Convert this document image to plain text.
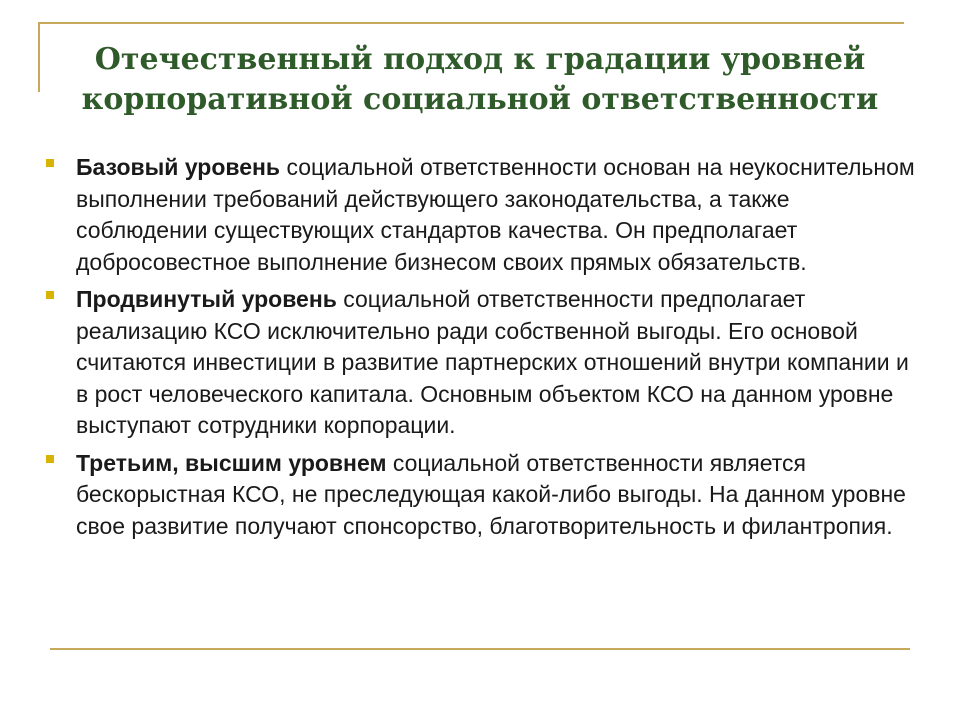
Отечественный подход к градации уровней
корпоративной социальной ответственности
Базовый уровень социальной ответственности основан на неукоснительном выполнении требований действующего законодательства, а также соблюдении существующих стандартов качества. Он предполагает добросовестное выполнение бизнесом своих прямых обязательств.
Продвинутый уровень социальной ответственности предполагает реализацию КСО исключительно ради собственной выгоды. Его основой считаются инвестиции в развитие партнерских отношений внутри компании и в рост человеческого капитала. Основным объектом КСО на данном уровне выступают сотрудники корпорации.
Третьим, высшим уровнем социальной ответственности является бескорыстная КСО, не преследующая какой-либо выгоды. На данном уровне свое развитие получают спонсорство, благотворительность и филантропия.
